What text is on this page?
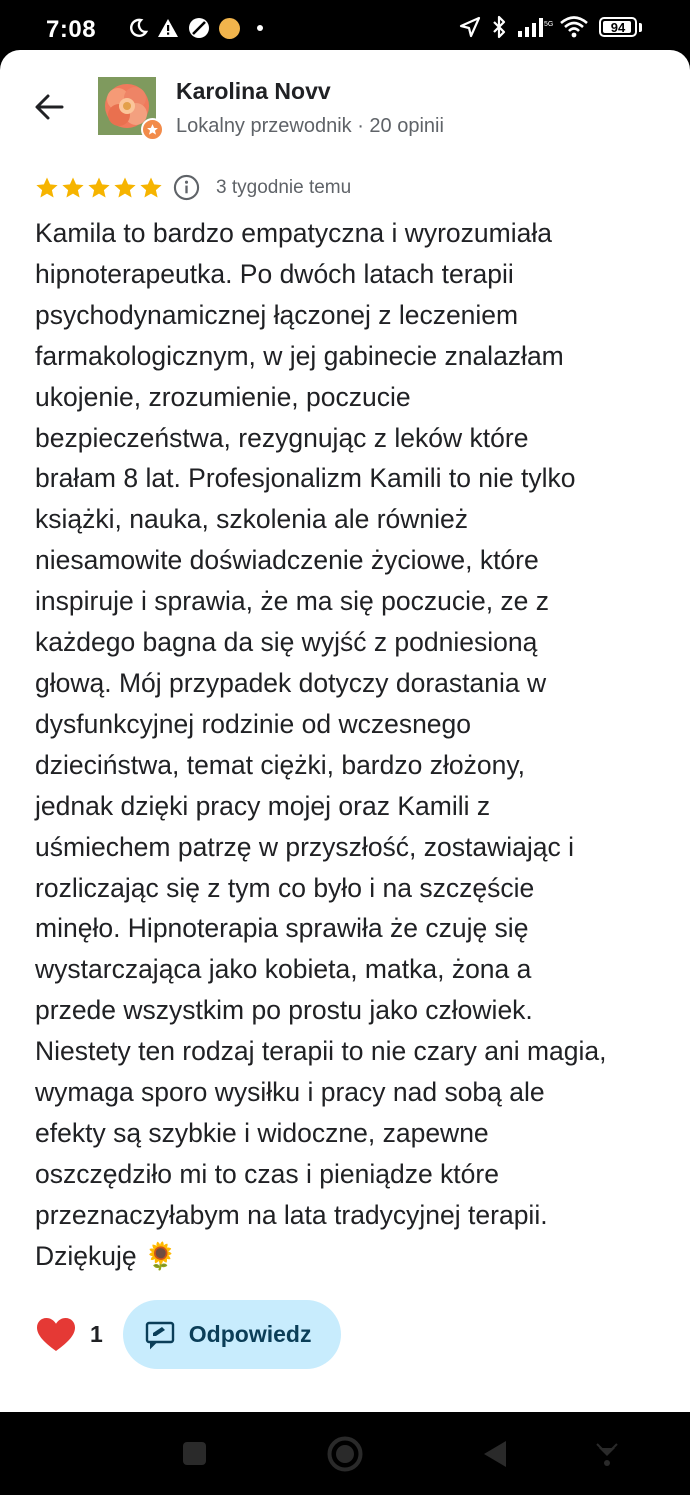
7:08	5G	94
Karolina Novv
Lokalny przewodnik · 20 opinii
3 tygodnie temu
Kamila to bardzo empatyczna i wyrozumiała
hipnoterapeutka. Po dwóch latach terapii
psychodynamicznej łączonej z leczeniem
farmakologicznym, w jej gabinecie znalazłam
ukojenie, zrozumienie, poczucie
bezpieczeństwa, rezygnując z leków które
brałam 8 lat. Profesjonalizm Kamili to nie tylko
książki, nauka, szkolenia ale również
niesamowite doświadczenie życiowe, które
inspiruje i sprawia, że ma się poczucie, ze z
każdego bagna da się wyjść z podniesioną
głową. Mój przypadek dotyczy dorastania w
dysfunkcyjnej rodzinie od wczesnego
dzieciństwa, temat ciężki, bardzo złożony,
jednak dzięki pracy mojej oraz Kamili z
uśmiechem patrzę w przyszłość, zostawiając i
rozliczając się z tym co było i na szczęście
minęło. Hipnoterapia sprawiła że czuję się
wystarczająca jako kobieta, matka, żona a
przede wszystkim po prostu jako człowiek.
Niestety ten rodzaj terapii to nie czary ani magia,
wymaga sporo wysiłku i pracy nad sobą ale
efekty są szybkie i widoczne, zapewne
oszczędziło mi to czas i pieniądze które
przeznaczyłabym na lata tradycyjnej terapii.
Dziękuję 🌻
1	Odpowiedz
